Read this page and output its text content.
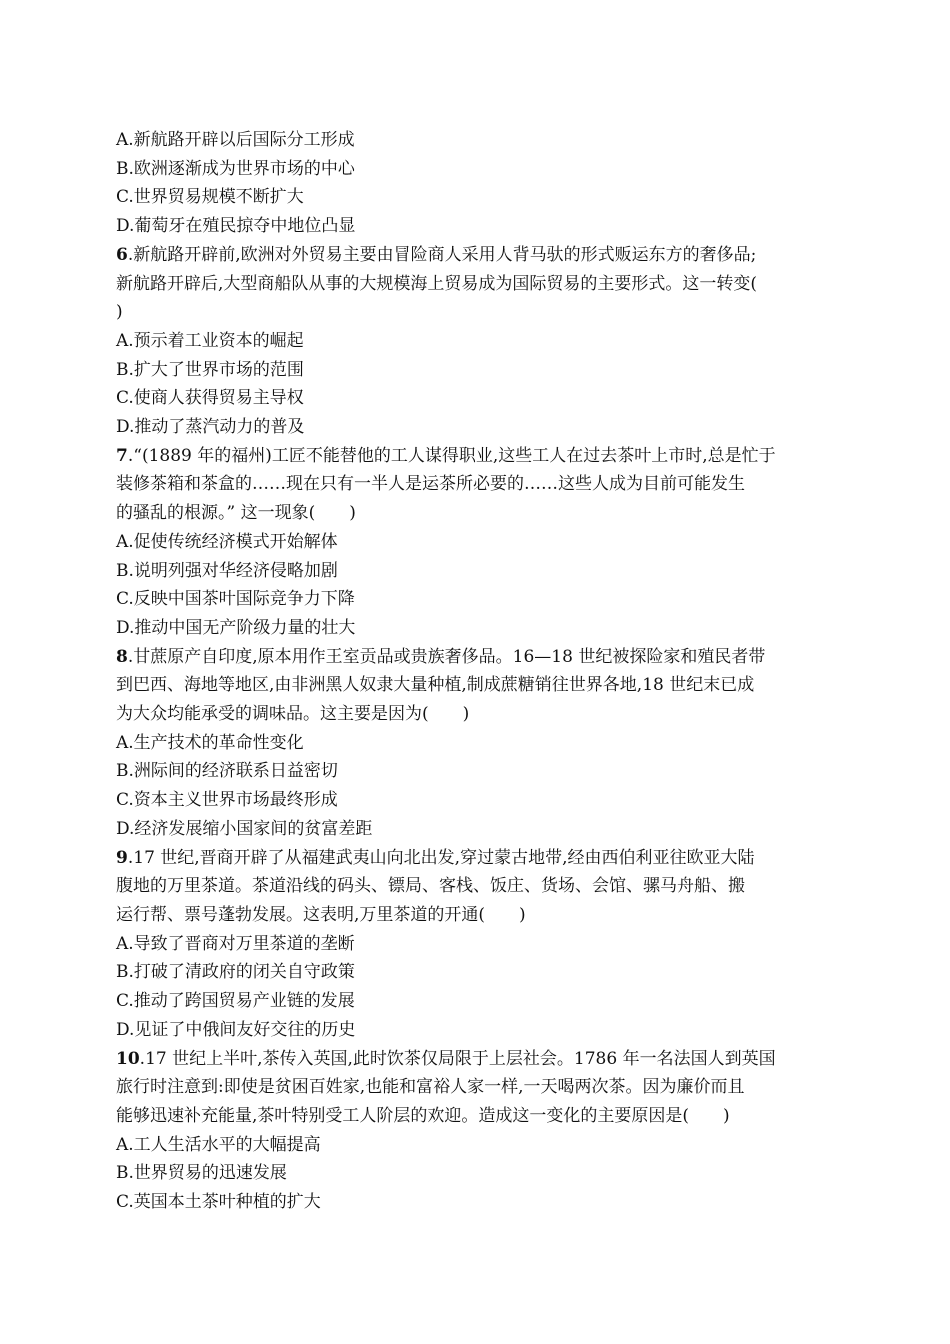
A.新航路开辟以后国际分工形成
B.欧洲逐渐成为世界市场的中心
C.世界贸易规模不断扩大
D.葡萄牙在殖民掠夺中地位凸显
6.新航路开辟前,欧洲对外贸易主要由冒险商人采用人背马驮的形式贩运东方的奢侈品;
新航路开辟后,大型商船队从事的大规模海上贸易成为国际贸易的主要形式。这一转变(
)
A.预示着工业资本的崛起
B.扩大了世界市场的范围
C.使商人获得贸易主导权
D.推动了蒸汽动力的普及
7.“(1889 年的福州)工匠不能替他的工人谋得职业,这些工人在过去茶叶上市时,总是忙于
装修茶箱和茶盒的……现在只有一半人是运茶所必要的……这些人成为目前可能发生
的骚乱的根源。” 这一现象(　　)
A.促使传统经济模式开始解体
B.说明列强对华经济侵略加剧
C.反映中国茶叶国际竞争力下降
D.推动中国无产阶级力量的壮大
8.甘蔗原产自印度,原本用作王室贡品或贵族奢侈品。16—18 世纪被探险家和殖民者带
到巴西、海地等地区,由非洲黑人奴隶大量种植,制成蔗糖销往世界各地,18 世纪末已成
为大众均能承受的调味品。这主要是因为(　　)
A.生产技术的革命性变化
B.洲际间的经济联系日益密切
C.资本主义世界市场最终形成
D.经济发展缩小国家间的贫富差距
9.17 世纪,晋商开辟了从福建武夷山向北出发,穿过蒙古地带,经由西伯利亚往欧亚大陆
腹地的万里茶道。茶道沿线的码头、镖局、客栈、饭庄、货场、会馆、骡马舟船、搬
运行帮、票号蓬勃发展。这表明,万里茶道的开通(　　)
A.导致了晋商对万里茶道的垄断
B.打破了清政府的闭关自守政策
C.推动了跨国贸易产业链的发展
D.见证了中俄间友好交往的历史
10.17 世纪上半叶,茶传入英国,此时饮茶仅局限于上层社会。1786 年一名法国人到英国
旅行时注意到:即使是贫困百姓家,也能和富裕人家一样,一天喝两次茶。因为廉价而且
能够迅速补充能量,茶叶特别受工人阶层的欢迎。造成这一变化的主要原因是(　　)
A.工人生活水平的大幅提高
B.世界贸易的迅速发展
C.英国本土茶叶种植的扩大
